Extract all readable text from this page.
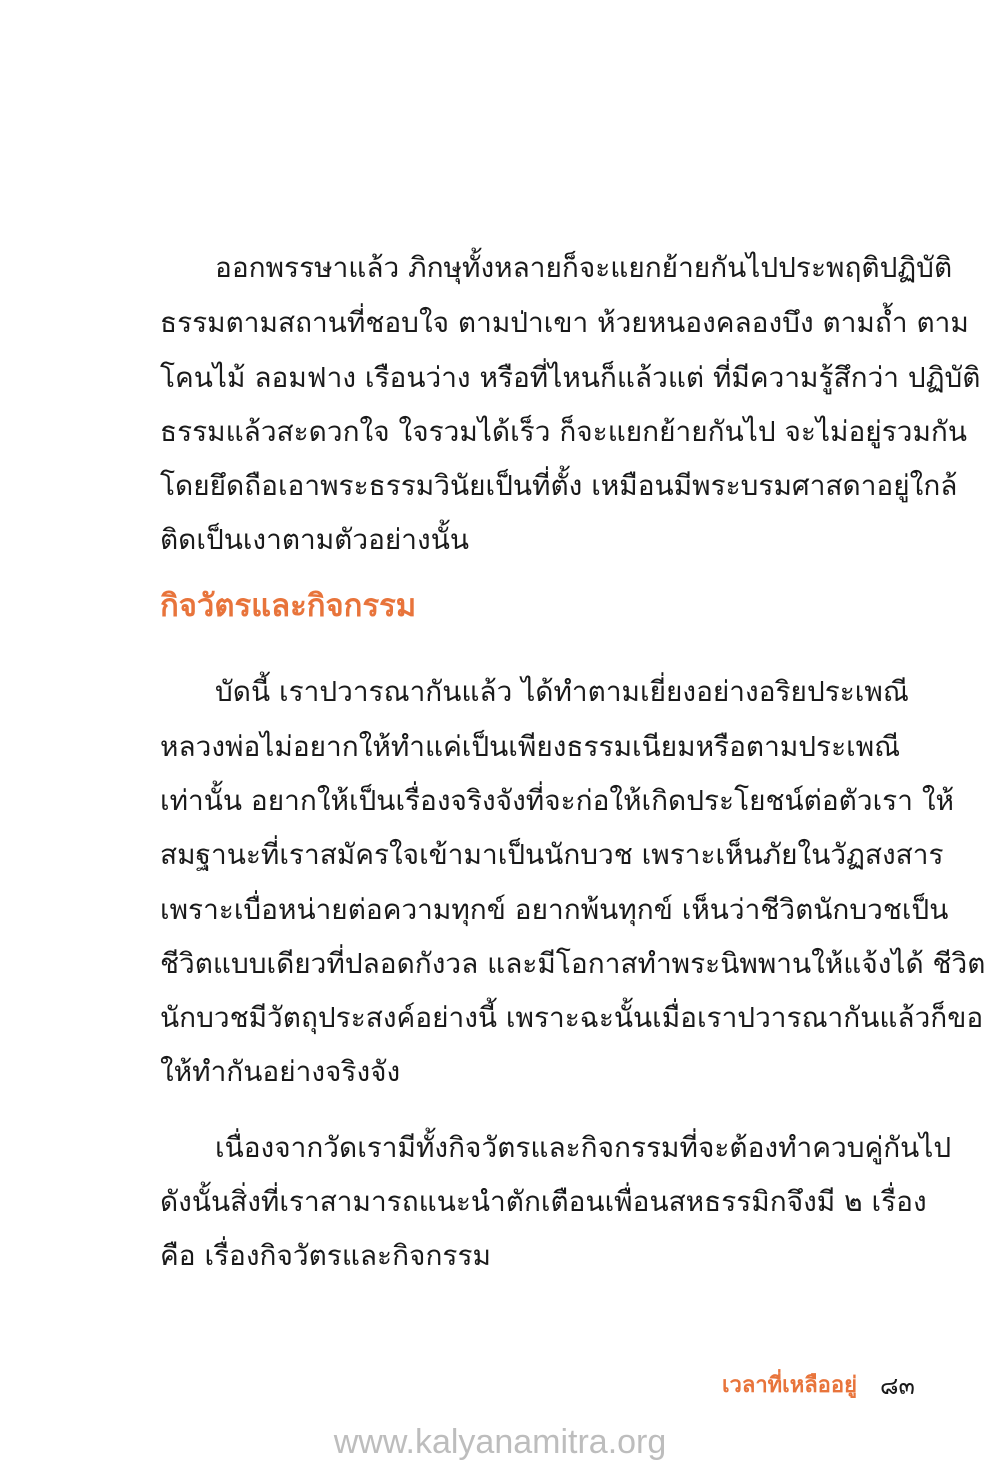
ออกพรรษาแล้ว ภิกษุทั้งหลายก็จะแยกย้ายกันไปประพฤติปฏิบัติ
ธรรมตามสถานที่ชอบใจ ตามป่าเขา ห้วยหนองคลองบึง ตามถ้ำ ตาม
โคนไม้ ลอมฟาง เรือนว่าง หรือที่ไหนก็แล้วแต่ ที่มีความรู้สึกว่า ปฏิบัติ
ธรรมแล้วสะดวกใจ ใจรวมได้เร็ว ก็จะแยกย้ายกันไป จะไม่อยู่รวมกัน
โดยยึดถือเอาพระธรรมวินัยเป็นที่ตั้ง เหมือนมีพระบรมศาสดาอยู่ใกล้
ติดเป็นเงาตามตัวอย่างนั้น
กิจวัตรและกิจกรรม
บัดนี้ เราปวารณากันแล้ว ได้ทำตามเยี่ยงอย่างอริยประเพณี
หลวงพ่อไม่อยากให้ทำแค่เป็นเพียงธรรมเนียมหรือตามประเพณี
เท่านั้น อยากให้เป็นเรื่องจริงจังที่จะก่อให้เกิดประโยชน์ต่อตัวเรา ให้
สมฐานะที่เราสมัครใจเข้ามาเป็นนักบวช เพราะเห็นภัยในวัฏสงสาร
เพราะเบื่อหน่ายต่อความทุกข์ อยากพ้นทุกข์ เห็นว่าชีวิตนักบวชเป็น
ชีวิตแบบเดียวที่ปลอดกังวล และมีโอกาสทำพระนิพพานให้แจ้งได้ ชีวิต
นักบวชมีวัตถุประสงค์อย่างนี้ เพราะฉะนั้นเมื่อเราปวารณากันแล้วก็ขอ
ให้ทำกันอย่างจริงจัง
เนื่องจากวัดเรามีทั้งกิจวัตรและกิจกรรมที่จะต้องทำควบคู่กันไป
ดังนั้นสิ่งที่เราสามารถแนะนำตักเตือนเพื่อนสหธรรมิกจึงมี ๒ เรื่อง
คือ เรื่องกิจวัตรและกิจกรรม
เวลาที่เหลืออยู่ ๘๓
www.kalyanamitra.org
